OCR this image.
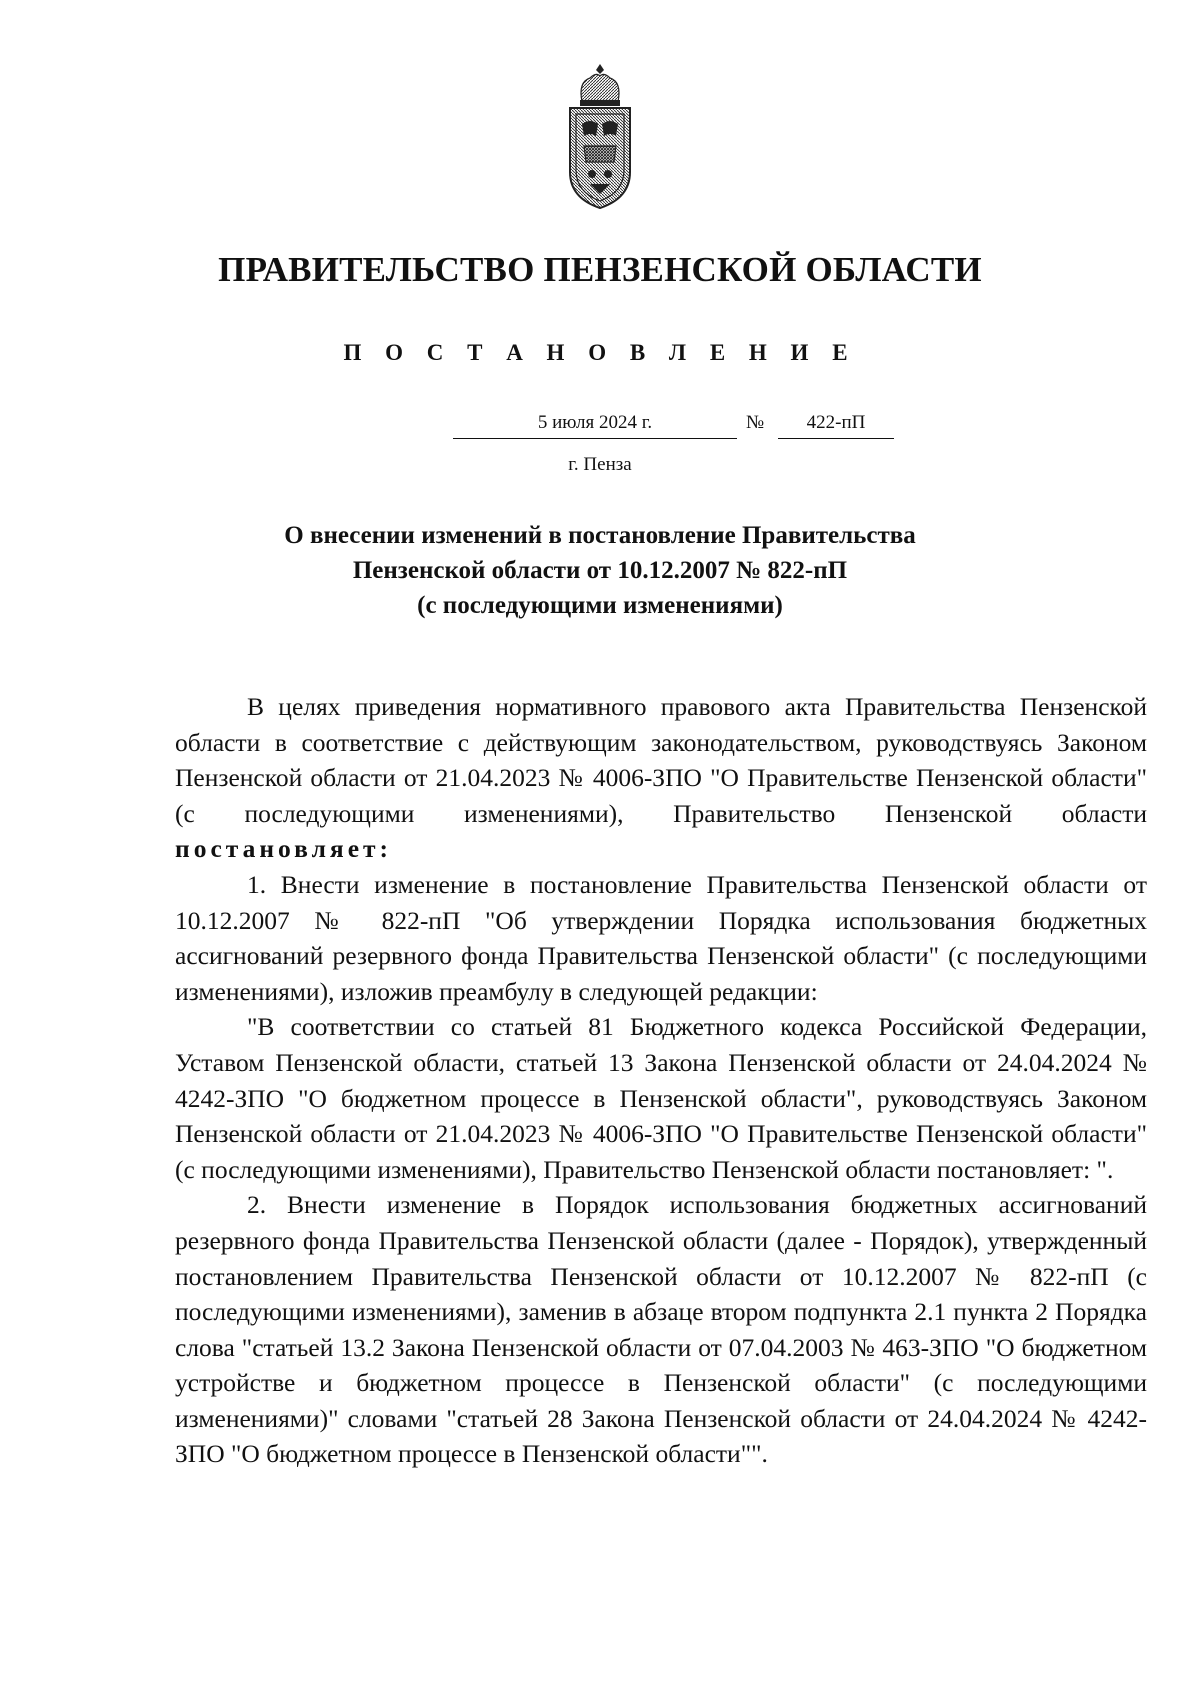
ПРАВИТЕЛЬСТВО ПЕНЗЕНСКОЙ ОБЛАСТИ
П О С Т А Н О В Л Е Н И Е
5 июля 2024 г.	№	422-пП
г. Пенза
О внесении изменений в постановление Правительства
Пензенской области от 10.12.2007 № 822-пП
(с последующими изменениями)

В целях приведения нормативного правового акта Правительства Пензенской области в соответствие с действующим законодательством, руководствуясь Законом Пензенской области от 21.04.2023 № 4006-ЗПО "О Правительстве Пензенской области" (с последующими изменениями), Правительство Пензенской области постановляет:

1. Внести изменение в постановление Правительства Пензенской области от 10.12.2007 № 822-пП "Об утверждении Порядка использования бюджетных ассигнований резервного фонда Правительства Пензенской области" (с последующими изменениями), изложив преамбулу в следующей редакции:

"В соответствии со статьей 81 Бюджетного кодекса Российской Федерации, Уставом Пензенской области, статьей 13 Закона Пензенской области от 24.04.2024 № 4242-ЗПО "О бюджетном процессе в Пензенской области", руководствуясь Законом Пензенской области от 21.04.2023 № 4006-ЗПО "О Правительстве Пензенской области" (с последующими изменениями), Правительство Пензенской области постановляет: ".

2. Внести изменение в Порядок использования бюджетных ассигнований резервного фонда Правительства Пензенской области (далее - Порядок), утвержденный постановлением Правительства Пензенской области от 10.12.2007 № 822-пП (с последующими изменениями), заменив в абзаце втором подпункта 2.1 пункта 2 Порядка слова "статьей 13.2 Закона Пензенской области от 07.04.2003 № 463-ЗПО "О бюджетном устройстве и бюджетном процессе в Пензенской области" (с последующими изменениями)" словами "статьей 28 Закона Пензенской области от 24.04.2024 № 4242-ЗПО "О бюджетном процессе в Пензенской области"".
